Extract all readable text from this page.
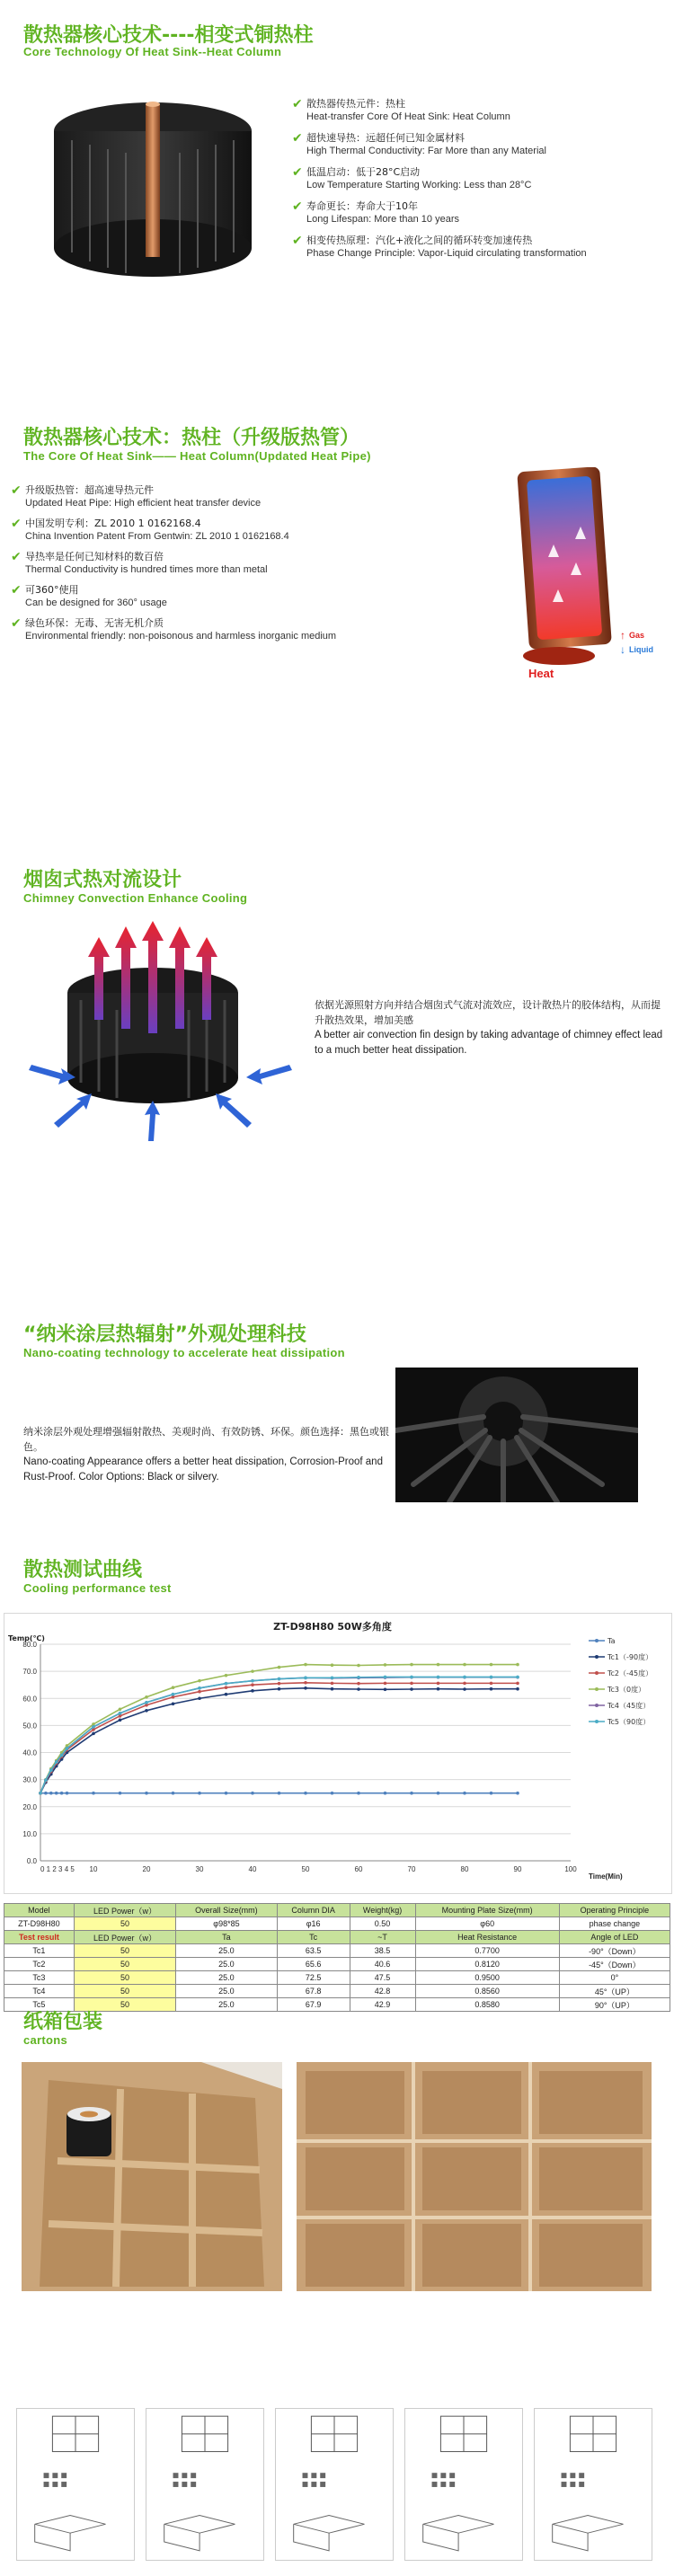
散热器核心技术----相变式铜热柱
Core Technology Of Heat Sink--Heat Column
✔ 散热器传热元件：热柱
Heat-transfer Core Of Heat Sink: Heat Column
✔ 超快速导热：远超任何已知金属材料
High Thermal Conductivity: Far More than any Material
✔ 低温启动：低于28°C启动
Low Temperature Starting Working: Less than 28°C
✔ 寿命更长：寿命大于10年
Long Lifespan: More than 10 years
✔ 相变传热原理：汽化+液化之间的循环转变加速传热
Phase Change Principle: Vapor-Liquid circulating transformation
散热器核心技术：热柱（升级版热管）
The Core Of Heat Sink—— Heat Column(Updated Heat Pipe)
✔ 升级版热管：超高速导热元件
Updated Heat Pipe: High efficient heat transfer device
✔ 中国发明专利：ZL 2010 1 0162168.4
China Invention Patent From Gentwin: ZL 2010 1 0162168.4
✔ 导热率是任何已知材料的数百倍
Thermal Conductivity is hundred times more than metal
✔ 可360°使用
Can be designed for 360° usage
✔ 绿色环保：无毒、无害无机介质
Environmental friendly: non-poisonous and harmless inorganic medium	↑ Gas
↓ Liquid
Heat
烟囱式热对流设计
Chimney Convection Enhance Cooling
依据光源照射方向并结合烟囱式气流对流效应，设计散热片的胶体结构，从而提升散热效果，增加美感
A better air convection fin design by taking advantage of chimney effect lead to a much better heat dissipation.
“纳米涂层热辐射”外观处理科技
Nano-coating technology to accelerate heat dissipation
纳米涂层外观处理增强辐射散热、美观时尚、有效防锈、环保。颜色选择：黑色或银色。
Nano-coating Appearance offers a better heat dissipation, Corrosion-Proof and Rust-Proof. Color Options: Black or silvery.
散热测试曲线
Cooling performance test
ZT-D98H80 50W多角度
Temp(℃)
Time(Min)
0.0
10.0
20.0
30.0
40.0
50.0
60.0
70.0
80.0
0 1 2 3 4 5 10	20	30	40	50	60	70	80	90	100
Ta
Tc1（-90度）
Tc2（-45度）
Tc3（0度）
Tc4（45度）
Tc5（90度）
Model	LED Power（w）	Overall Size(mm)	Column DIA	Weight(kg)	Mounting Plate Size(mm)	Operating Principle
ZT-D98H80	50	φ98*85	φ16	0.50	φ60	phase change
Test result	LED Power（w）	Ta	Tc	~T	Heat Resistance	Angle of LED
Tc1	50	25.0	63.5	38.5	0.7700	-90°（Down）
Tc2	50	25.0	65.6	40.6	0.8120	-45°（Down）
Tc3	50	25.0	72.5	47.5	0.9500	0°
Tc4	50	25.0	67.8	42.8	0.8560	45°（UP）
Tc5	50	25.0	67.9	42.9	0.8580	90°（UP）
纸箱包装
cartons
